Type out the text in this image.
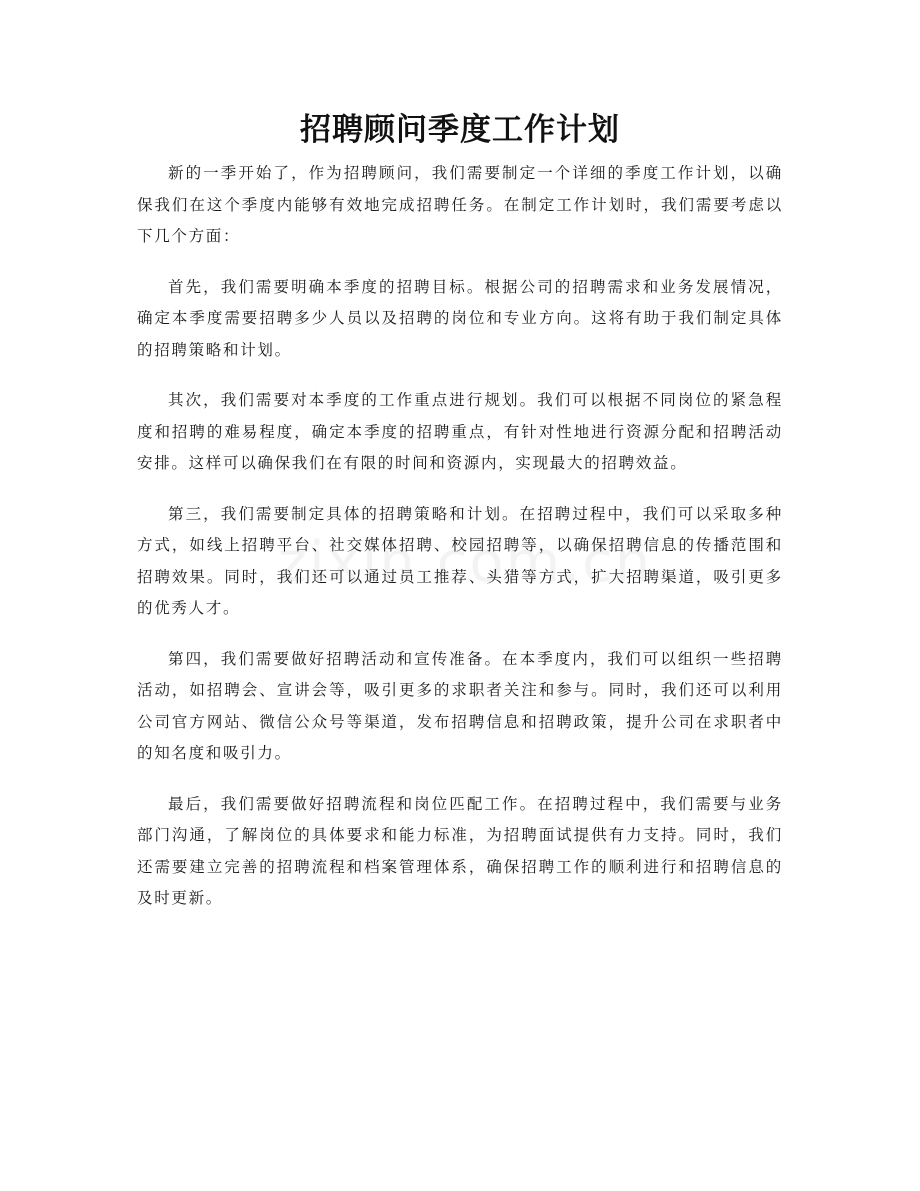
招聘顾问季度工作计划

新的一季开始了，作为招聘顾问，我们需要制定一个详细的季度工作计划，以确保我们在这个季度内能够有效地完成招聘任务。在制定工作计划时，我们需要考虑以下几个方面：

首先，我们需要明确本季度的招聘目标。根据公司的招聘需求和业务发展情况，确定本季度需要招聘多少人员以及招聘的岗位和专业方向。这将有助于我们制定具体的招聘策略和计划。

其次，我们需要对本季度的工作重点进行规划。我们可以根据不同岗位的紧急程度和招聘的难易程度，确定本季度的招聘重点，有针对性地进行资源分配和招聘活动安排。这样可以确保我们在有限的时间和资源内，实现最大的招聘效益。

第三，我们需要制定具体的招聘策略和计划。在招聘过程中，我们可以采取多种方式，如线上招聘平台、社交媒体招聘、校园招聘等，以确保招聘信息的传播范围和招聘效果。同时，我们还可以通过员工推荐、头猎等方式，扩大招聘渠道，吸引更多的优秀人才。

第四，我们需要做好招聘活动和宣传准备。在本季度内，我们可以组织一些招聘活动，如招聘会、宣讲会等，吸引更多的求职者关注和参与。同时，我们还可以利用公司官方网站、微信公众号等渠道，发布招聘信息和招聘政策，提升公司在求职者中的知名度和吸引力。

最后，我们需要做好招聘流程和岗位匹配工作。在招聘过程中，我们需要与业务部门沟通，了解岗位的具体要求和能力标准，为招聘面试提供有力支持。同时，我们还需要建立完善的招聘流程和档案管理体系，确保招聘工作的顺利进行和招聘信息的及时更新。
